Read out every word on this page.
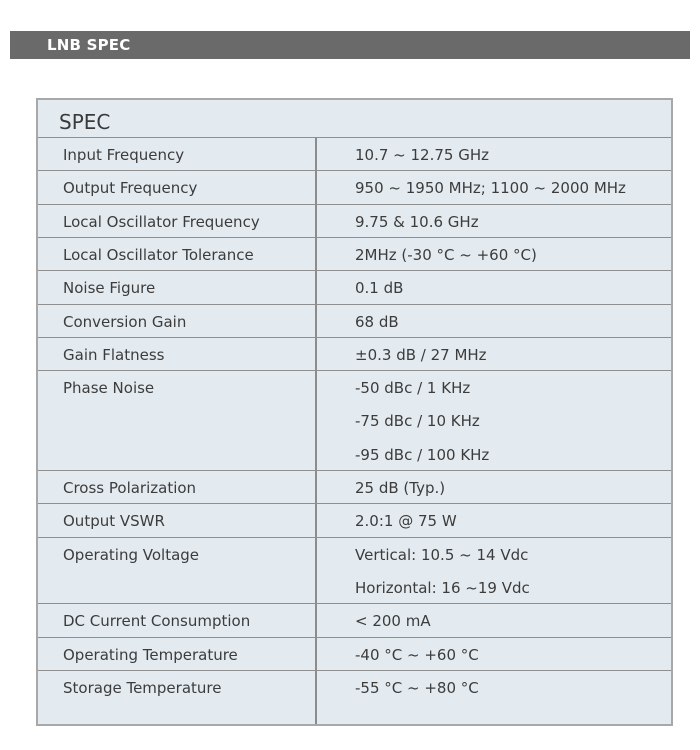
LNB SPEC
SPEC
Input Frequency	10.7 ~ 12.75 GHz
Output Frequency	950 ~ 1950 MHz; 1100 ~ 2000 MHz
Local Oscillator Frequency	9.75 & 10.6 GHz
Local Oscillator Tolerance	2MHz (-30 °C ~ +60 °C)
Noise Figure	0.1 dB
Conversion Gain	68 dB
Gain Flatness	±0.3 dB / 27 MHz
Phase Noise	-50 dBc / 1 KHz
-75 dBc / 10 KHz
-95 dBc / 100 KHz
Cross Polarization	25 dB (Typ.)
Output VSWR	2.0:1 @ 75 W
Operating Voltage	Vertical: 10.5 ~ 14 Vdc
Horizontal: 16 ~19 Vdc
DC Current Consumption	< 200 mA
Operating Temperature	-40 °C ~ +60 °C
Storage Temperature	-55 °C ~ +80 °C
